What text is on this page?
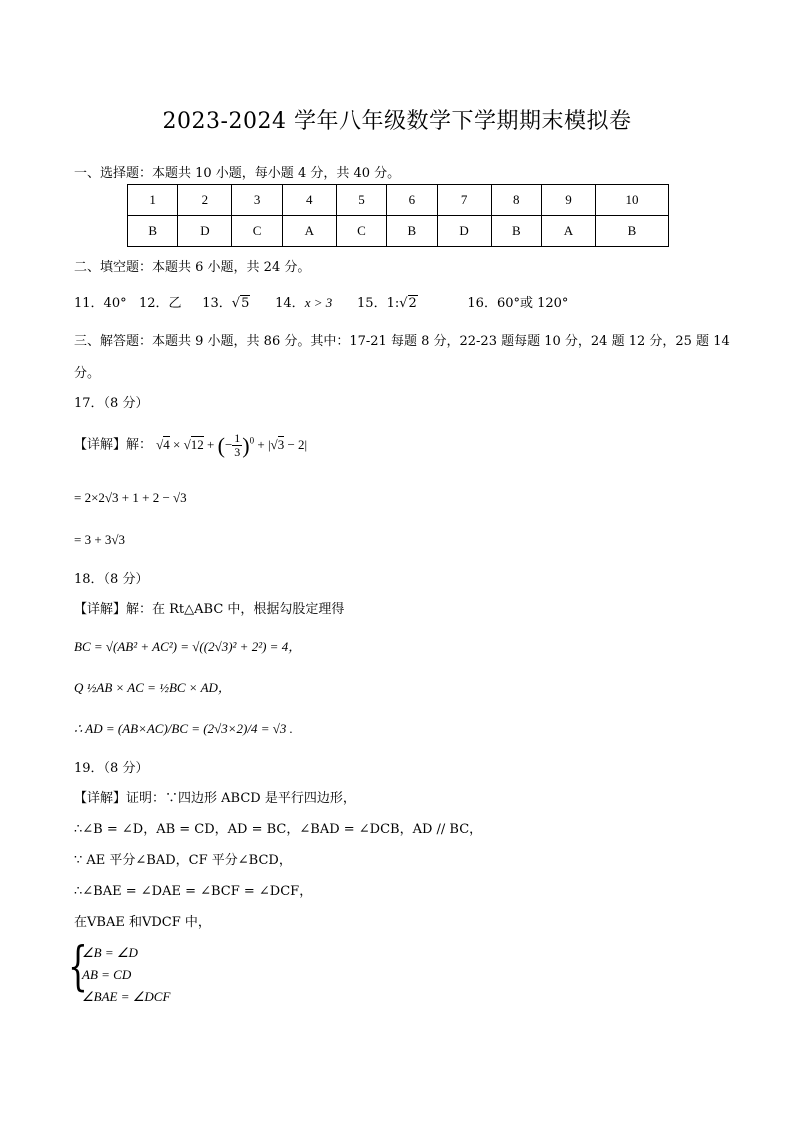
2023-2024 学年八年级数学下学期期末模拟卷
一、选择题：本题共 10 小题，每小题 4 分，共 40 分。
1	2	3	4	5	6	7	8	9	10
B	D	C	A	C	B	D	B	A	B
二、填空题：本题共 6 小题，共 24 分。
11．40° 12．乙 13．√5 14．x > 3 15．1:√2	16．60°或 120°
三、解答题：本题共 9 小题，共 86 分。其中：17-21 每题 8 分，22-23 题每题 10 分，24 题 12 分，25 题 14
分。
17．（8 分）
【详解】解： √4 × √12 + (− $\frac{1}{3} )^0 + |√3 - 2|$
= 2×2√3 + 1 + 2 − √3
= 3 + 3√3
18．（8 分）
【详解】解：在 Rt△ABC 中，根据勾股定理得
BC = √(AB² + AC²) = √((2√3)² + 2²) = 4，
Q ½AB × AC = ½BC × AD，
∴ AD = (AB×AC)/BC = (2√3×2)/4 = √3 .
19．（8 分）
【详解】证明：∵四边形 ABCD 是平行四边形，
∴∠B = ∠D，AB = CD，AD = BC，∠BAD = ∠DCB，AD // BC，
∵ AE 平分∠BAD，CF 平分∠BCD，
∴∠BAE = ∠DAE = ∠BCF = ∠DCF，
在VBAE 和VDCF 中，
{
∠B = ∠D
AB = CD
∠BAE = ∠DCF
